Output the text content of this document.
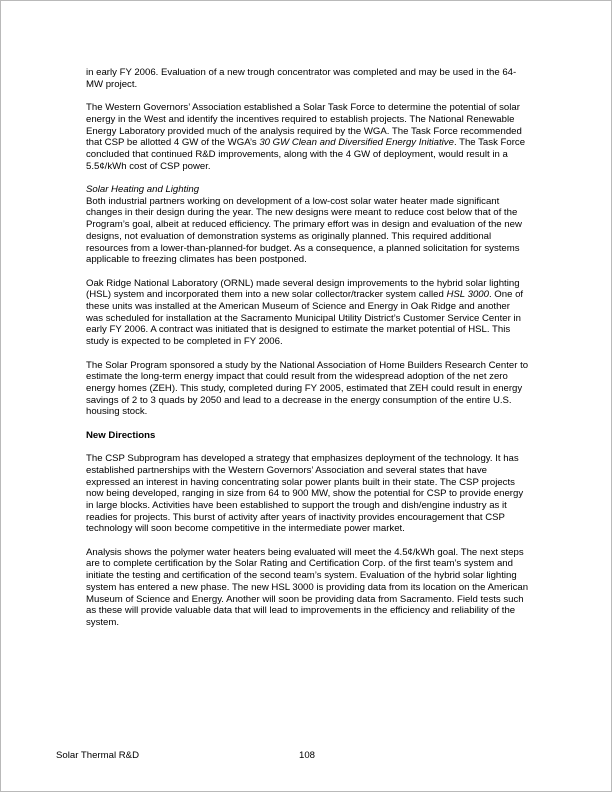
in early FY 2006. Evaluation of a new trough concentrator was completed and may be used in the 64-MW project.

The Western Governors’ Association established a Solar Task Force to determine the potential of solar energy in the West and identify the incentives required to establish projects. The National Renewable Energy Laboratory provided much of the analysis required by the WGA. The Task Force recommended that CSP be allotted 4 GW of the WGA’s 30 GW Clean and Diversified Energy Initiative. The Task Force concluded that continued R&D improvements, along with the 4 GW of deployment, would result in a 5.5¢/kWh cost of CSP power.

Solar Heating and Lighting

Both industrial partners working on development of a low-cost solar water heater made significant changes in their design during the year. The new designs were meant to reduce cost below that of the Program’s goal, albeit at reduced efficiency. The primary effort was in design and evaluation of the new designs, not evaluation of demonstration systems as originally planned. This required additional resources from a lower-than-planned-for budget. As a consequence, a planned solicitation for systems applicable to freezing climates has been postponed.

Oak Ridge National Laboratory (ORNL) made several design improvements to the hybrid solar lighting (HSL) system and incorporated them into a new solar collector/tracker system called HSL 3000. One of these units was installed at the American Museum of Science and Energy in Oak Ridge and another was scheduled for installation at the Sacramento Municipal Utility District’s Customer Service Center in early FY 2006. A contract was initiated that is designed to estimate the market potential of HSL. This study is expected to be completed in FY 2006.

The Solar Program sponsored a study by the National Association of Home Builders Research Center to estimate the long-term energy impact that could result from the widespread adoption of the net zero energy homes (ZEH). This study, completed during FY 2005, estimated that ZEH could result in energy savings of 2 to 3 quads by 2050 and lead to a decrease in the energy consumption of the entire U.S. housing stock.

New Directions

The CSP Subprogram has developed a strategy that emphasizes deployment of the technology. It has established partnerships with the Western Governors’ Association and several states that have expressed an interest in having concentrating solar power plants built in their state. The CSP projects now being developed, ranging in size from 64 to 900 MW, show the potential for CSP to provide energy in large blocks. Activities have been established to support the trough and dish/engine industry as it readies for projects. This burst of activity after years of inactivity provides encouragement that CSP technology will soon become competitive in the intermediate power market.

Analysis shows the polymer water heaters being evaluated will meet the 4.5¢/kWh goal. The next steps are to complete certification by the Solar Rating and Certification Corp. of the first team’s system and initiate the testing and certification of the second team’s system. Evaluation of the hybrid solar lighting system has entered a new phase. The new HSL 3000 is providing data from its location on the American Museum of Science and Energy. Another will soon be providing data from Sacramento. Field tests such as these will provide valuable data that will lead to improvements in the efficiency and reliability of the system.

108
Solar Thermal R&D
